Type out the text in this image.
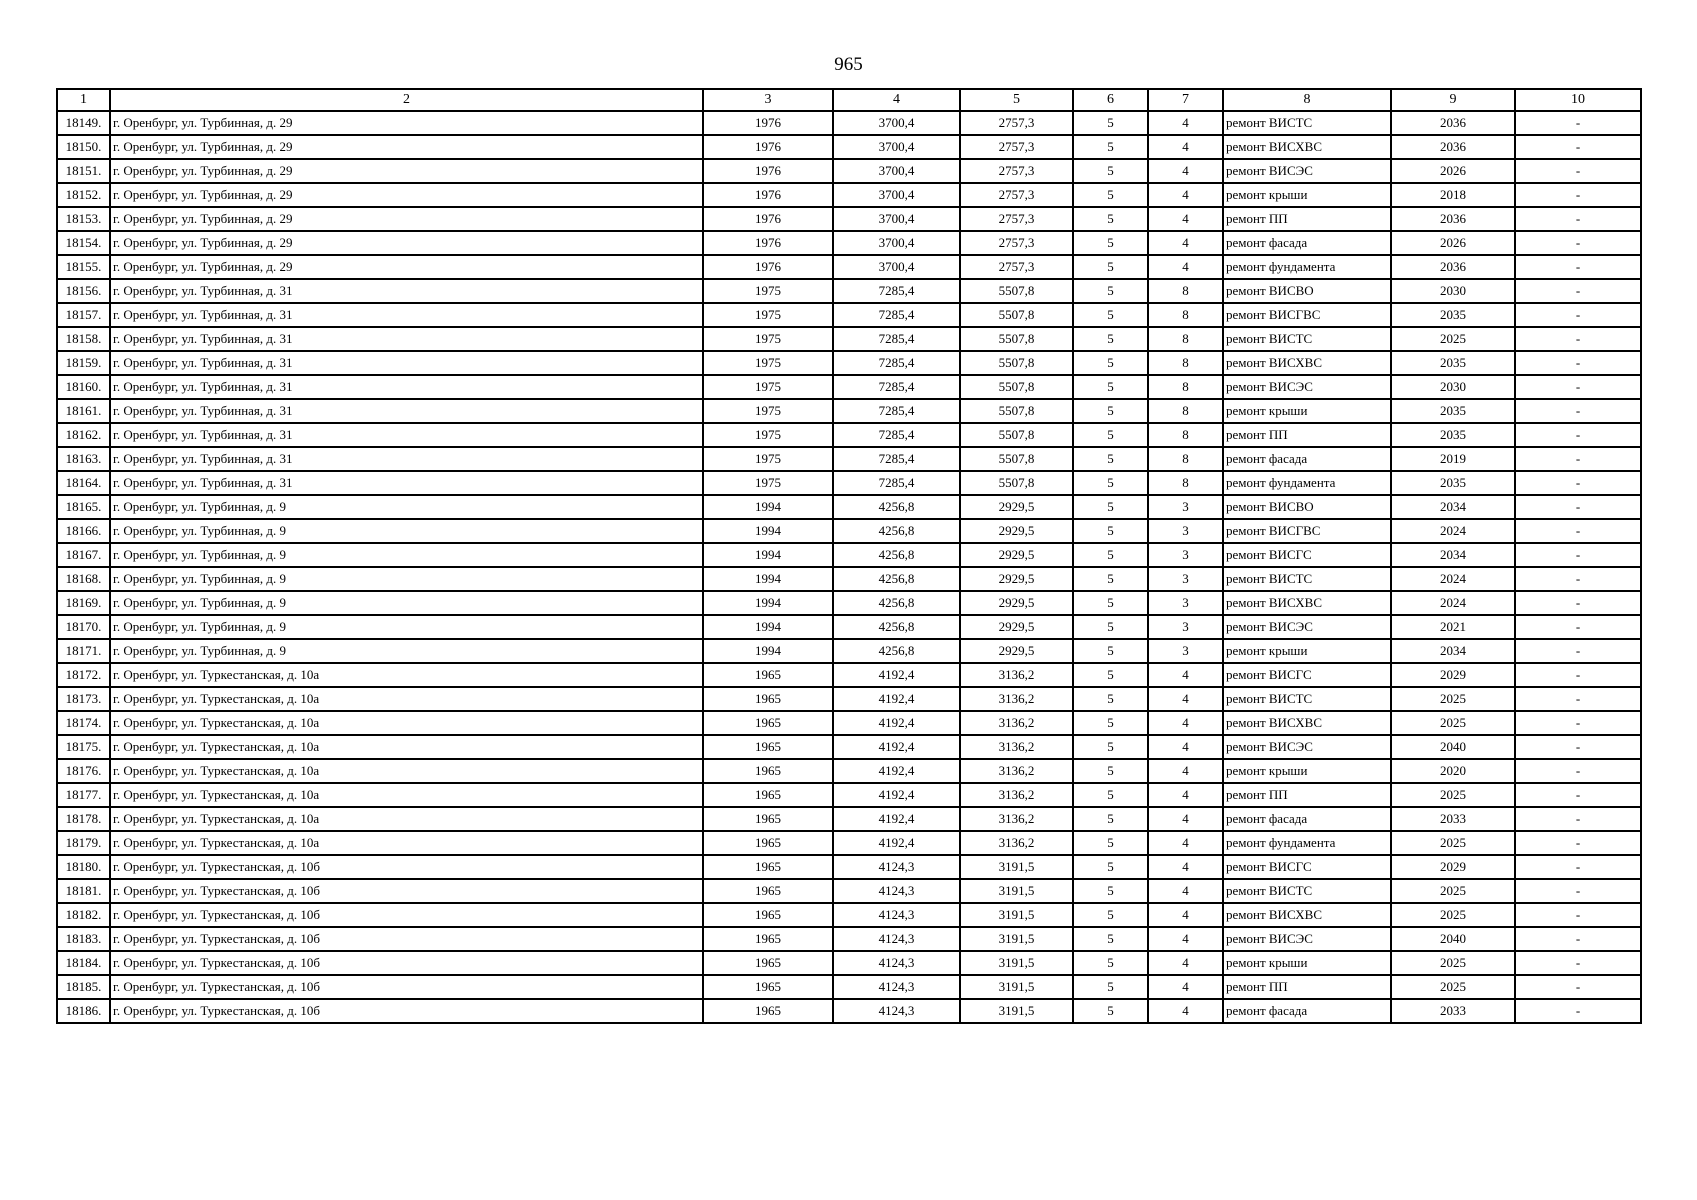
965
1	2	3	4	5	6	7	8	9	10
18149.	г. Оренбург, ул. Турбинная, д. 29	1976	3700,4	2757,3	5	4	ремонт ВИСТС	2036	-
18150.	г. Оренбург, ул. Турбинная, д. 29	1976	3700,4	2757,3	5	4	ремонт ВИСХВС	2036	-
18151.	г. Оренбург, ул. Турбинная, д. 29	1976	3700,4	2757,3	5	4	ремонт ВИСЭС	2026	-
18152.	г. Оренбург, ул. Турбинная, д. 29	1976	3700,4	2757,3	5	4	ремонт крыши	2018	-
18153.	г. Оренбург, ул. Турбинная, д. 29	1976	3700,4	2757,3	5	4	ремонт ПП	2036	-
18154.	г. Оренбург, ул. Турбинная, д. 29	1976	3700,4	2757,3	5	4	ремонт фасада	2026	-
18155.	г. Оренбург, ул. Турбинная, д. 29	1976	3700,4	2757,3	5	4	ремонт фундамента	2036	-
18156.	г. Оренбург, ул. Турбинная, д. 31	1975	7285,4	5507,8	5	8	ремонт ВИСВО	2030	-
18157.	г. Оренбург, ул. Турбинная, д. 31	1975	7285,4	5507,8	5	8	ремонт ВИСГВС	2035	-
18158.	г. Оренбург, ул. Турбинная, д. 31	1975	7285,4	5507,8	5	8	ремонт ВИСТС	2025	-
18159.	г. Оренбург, ул. Турбинная, д. 31	1975	7285,4	5507,8	5	8	ремонт ВИСХВС	2035	-
18160.	г. Оренбург, ул. Турбинная, д. 31	1975	7285,4	5507,8	5	8	ремонт ВИСЭС	2030	-
18161.	г. Оренбург, ул. Турбинная, д. 31	1975	7285,4	5507,8	5	8	ремонт крыши	2035	-
18162.	г. Оренбург, ул. Турбинная, д. 31	1975	7285,4	5507,8	5	8	ремонт ПП	2035	-
18163.	г. Оренбург, ул. Турбинная, д. 31	1975	7285,4	5507,8	5	8	ремонт фасада	2019	-
18164.	г. Оренбург, ул. Турбинная, д. 31	1975	7285,4	5507,8	5	8	ремонт фундамента	2035	-
18165.	г. Оренбург, ул. Турбинная, д. 9	1994	4256,8	2929,5	5	3	ремонт ВИСВО	2034	-
18166.	г. Оренбург, ул. Турбинная, д. 9	1994	4256,8	2929,5	5	3	ремонт ВИСГВС	2024	-
18167.	г. Оренбург, ул. Турбинная, д. 9	1994	4256,8	2929,5	5	3	ремонт ВИСГС	2034	-
18168.	г. Оренбург, ул. Турбинная, д. 9	1994	4256,8	2929,5	5	3	ремонт ВИСТС	2024	-
18169.	г. Оренбург, ул. Турбинная, д. 9	1994	4256,8	2929,5	5	3	ремонт ВИСХВС	2024	-
18170.	г. Оренбург, ул. Турбинная, д. 9	1994	4256,8	2929,5	5	3	ремонт ВИСЭС	2021	-
18171.	г. Оренбург, ул. Турбинная, д. 9	1994	4256,8	2929,5	5	3	ремонт крыши	2034	-
18172.	г. Оренбург, ул. Туркестанская, д. 10а	1965	4192,4	3136,2	5	4	ремонт ВИСГС	2029	-
18173.	г. Оренбург, ул. Туркестанская, д. 10а	1965	4192,4	3136,2	5	4	ремонт ВИСТС	2025	-
18174.	г. Оренбург, ул. Туркестанская, д. 10а	1965	4192,4	3136,2	5	4	ремонт ВИСХВС	2025	-
18175.	г. Оренбург, ул. Туркестанская, д. 10а	1965	4192,4	3136,2	5	4	ремонт ВИСЭС	2040	-
18176.	г. Оренбург, ул. Туркестанская, д. 10а	1965	4192,4	3136,2	5	4	ремонт крыши	2020	-
18177.	г. Оренбург, ул. Туркестанская, д. 10а	1965	4192,4	3136,2	5	4	ремонт ПП	2025	-
18178.	г. Оренбург, ул. Туркестанская, д. 10а	1965	4192,4	3136,2	5	4	ремонт фасада	2033	-
18179.	г. Оренбург, ул. Туркестанская, д. 10а	1965	4192,4	3136,2	5	4	ремонт фундамента	2025	-
18180.	г. Оренбург, ул. Туркестанская, д. 10б	1965	4124,3	3191,5	5	4	ремонт ВИСГС	2029	-
18181.	г. Оренбург, ул. Туркестанская, д. 10б	1965	4124,3	3191,5	5	4	ремонт ВИСТС	2025	-
18182.	г. Оренбург, ул. Туркестанская, д. 10б	1965	4124,3	3191,5	5	4	ремонт ВИСХВС	2025	-
18183.	г. Оренбург, ул. Туркестанская, д. 10б	1965	4124,3	3191,5	5	4	ремонт ВИСЭС	2040	-
18184.	г. Оренбург, ул. Туркестанская, д. 10б	1965	4124,3	3191,5	5	4	ремонт крыши	2025	-
18185.	г. Оренбург, ул. Туркестанская, д. 10б	1965	4124,3	3191,5	5	4	ремонт ПП	2025	-
18186.	г. Оренбург, ул. Туркестанская, д. 10б	1965	4124,3	3191,5	5	4	ремонт фасада	2033	-
